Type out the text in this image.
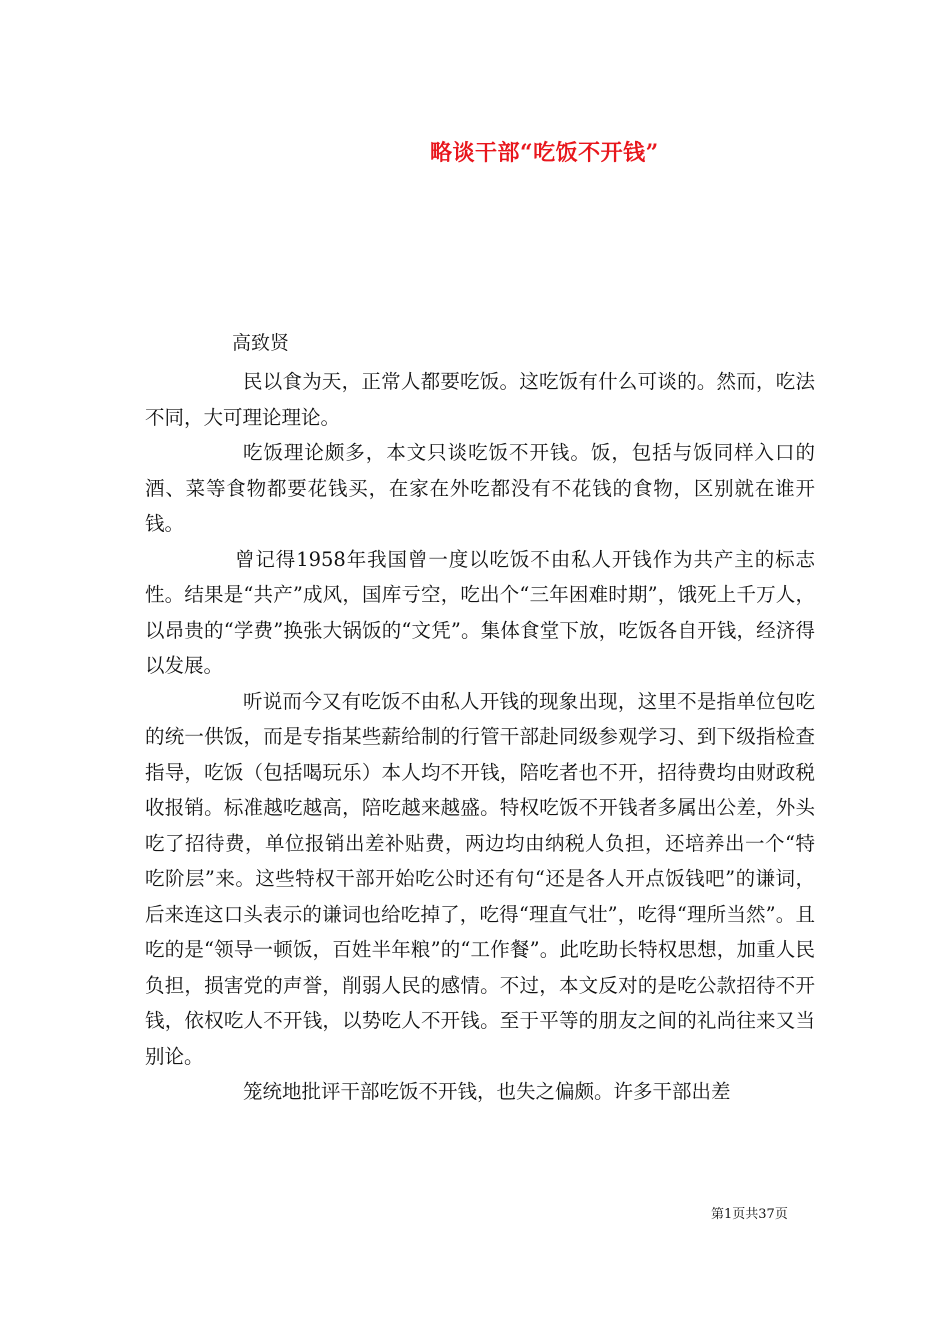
略谈干部“吃饭不开钱”
高致贤

民以食为天，正常人都要吃饭。这吃饭有什么可谈的。然而，吃法不同，大可理论理论。

吃饭理论颇多，本文只谈吃饭不开钱。饭，包括与饭同样入口的酒、菜等食物都要花钱买，在家在外吃都没有不花钱的食物，区别就在谁开钱。

曾记得1958年我国曾一度以吃饭不由私人开钱作为共产主的标志性。结果是“共产”成风，国库亏空，吃出个“三年困难时期”，饿死上千万人，以昂贵的“学费”换张大锅饭的“文凭”。集体食堂下放，吃饭各自开钱，经济得以发展。

听说而今又有吃饭不由私人开钱的现象出现，这里不是指单位包吃的统一供饭，而是专指某些薪给制的行管干部赴同级参观学习、到下级指检查指导，吃饭（包括喝玩乐）本人均不开钱，陪吃者也不开，招待费均由财政税收报销。标准越吃越高，陪吃越来越盛。特权吃饭不开钱者多属出公差，外头吃了招待费，单位报销出差补贴费，两边均由纳税人负担，还培养出一个“特吃阶层”来。这些特权干部开始吃公时还有句“还是各人开点饭钱吧”的谦词，后来连这口头表示的谦词也给吃掉了，吃得“理直气壮”，吃得“理所当然”。且吃的是“领导一顿饭，百姓半年粮”的“工作餐”。此吃助长特权思想，加重人民负担，损害党的声誉，削弱人民的感情。不过，本文反对的是吃公款招待不开钱，依权吃人不开钱，以势吃人不开钱。至于平等的朋友之间的礼尚往来又当别论。

笼统地批评干部吃饭不开钱，也失之偏颇。许多干部出差

第1页共37页
